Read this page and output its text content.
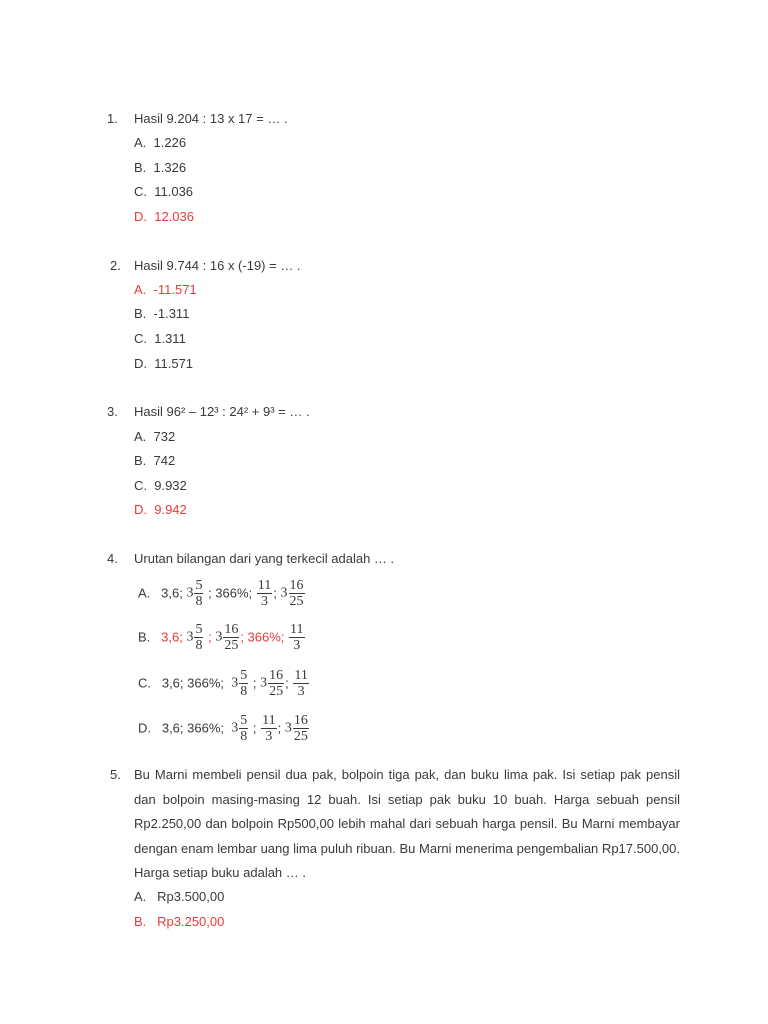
1. Hasil 9.204 : 13 x 17 = … .
A. 1.226
B. 1.326
C. 11.036
D. 12.036
2. Hasil 9.744 : 16 x (-19) = … .
A. -11.571
B. -1.311
C. 1.311
D. 11.571
3. Hasil 96² – 12³ : 24² + 9³ = … .
A. 732
B. 742
C. 9.932
D. 9.942
4. Urutan bilangan dari yang terkecil adalah … .
A. 3,6; $3 \frac{5}{8}$ ; 366%; $\frac{11}{3}$ ; $3 \frac{16}{25}$
B. 3,6; $3 \frac{5}{8}$ ; $3 \frac{16}{25}$ ; 366%; $\frac{11}{3}$
C. 3,6; 366%; $3 \frac{5}{8}$ ; $3 \frac{16}{25}$ ; $\frac{11}{3}$
D. 3,6; 366%; $3 \frac{5}{8}$ ; $\frac{11}{3}$ ; $3 \frac{16}{25}$
5. Bu Marni membeli pensil dua pak, bolpoin tiga pak, dan buku lima pak. Isi setiap pak pensil dan bolpoin masing-masing 12 buah. Isi setiap pak buku 10 buah. Harga sebuah pensil Rp2.250,00 dan bolpoin Rp500,00 lebih mahal dari sebuah harga pensil. Bu Marni membayar dengan enam lembar uang lima puluh ribuan. Bu Marni menerima pengembalian Rp17.500,00. Harga setiap buku adalah … .
A. Rp3.500,00
B. Rp3.250,00
